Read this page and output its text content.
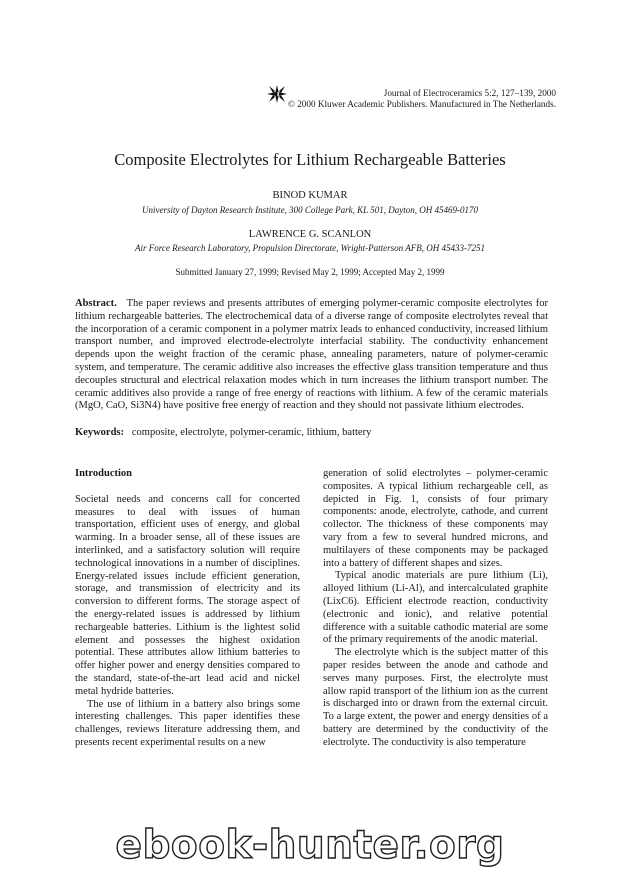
Journal of Electroceramics 5:2, 127–139, 2000
© 2000 Kluwer Academic Publishers. Manufactured in The Netherlands.
Composite Electrolytes for Lithium Rechargeable Batteries
BINOD KUMAR
University of Dayton Research Institute, 300 College Park, KL 501, Dayton, OH 45469-0170
LAWRENCE G. SCANLON
Air Force Research Laboratory, Propulsion Directorate, Wright-Patterson AFB, OH 45433-7251
Submitted January 27, 1999; Revised May 2, 1999; Accepted May 2, 1999
Abstract. The paper reviews and presents attributes of emerging polymer-ceramic composite electrolytes for lithium rechargeable batteries. The electrochemical data of a diverse range of composite electrolytes reveal that the incorporation of a ceramic component in a polymer matrix leads to enhanced conductivity, increased lithium transport number, and improved electrode-electrolyte interfacial stability. The conductivity enhancement depends upon the weight fraction of the ceramic phase, annealing parameters, nature of polymer-ceramic system, and temperature. The ceramic additive also increases the effective glass transition temperature and thus decouples structural and electrical relaxation modes which in turn increases the lithium transport number. The ceramic additives also provide a range of free energy of reactions with lithium. A few of the ceramic materials (MgO, CaO, Si3N4) have positive free energy of reaction and they should not passivate lithium electrodes.
Keywords: composite, electrolyte, polymer-ceramic, lithium, battery
Introduction

Societal needs and concerns call for concerted measures to deal with issues of human transportation, efficient uses of energy, and global warming. In a broader sense, all of these issues are interlinked, and a satisfactory solution will require technological innovations in a number of disciplines. Energy-related issues include efficient generation, storage, and transmission of electricity and its conversion to different forms. The storage aspect of the energy-related issues is addressed by lithium rechargeable batteries. Lithium is the lightest solid element and possesses the highest oxidation potential. These attributes allow lithium batteries to offer higher power and energy densities compared to the standard, state-of-the-art lead acid and nickel metal hydride batteries.

The use of lithium in a battery also brings some interesting challenges. This paper identifies these challenges, reviews literature addressing them, and presents recent experimental results on a new

generation of solid electrolytes – polymer-ceramic composites. A typical lithium rechargeable cell, as depicted in Fig. 1, consists of four primary components: anode, electrolyte, cathode, and current collector. The thickness of these components may vary from a few to several hundred microns, and multilayers of these components may be packaged into a battery of different shapes and sizes.

Typical anodic materials are pure lithium (Li), alloyed lithium (Li-Al), and intercalculated graphite (LixC6). Efficient electrode reaction, conductivity (electronic and ionic), and relative potential difference with a suitable cathodic material are some of the primary requirements of the anodic material.

The electrolyte which is the subject matter of this paper resides between the anode and cathode and serves many purposes. First, the electrolyte must allow rapid transport of the lithium ion as the current is discharged into or drawn from the external circuit. To a large extent, the power and energy densities of a battery are determined by the conductivity of the electrolyte. The conductivity is also temperature

ebook-hunter.org
